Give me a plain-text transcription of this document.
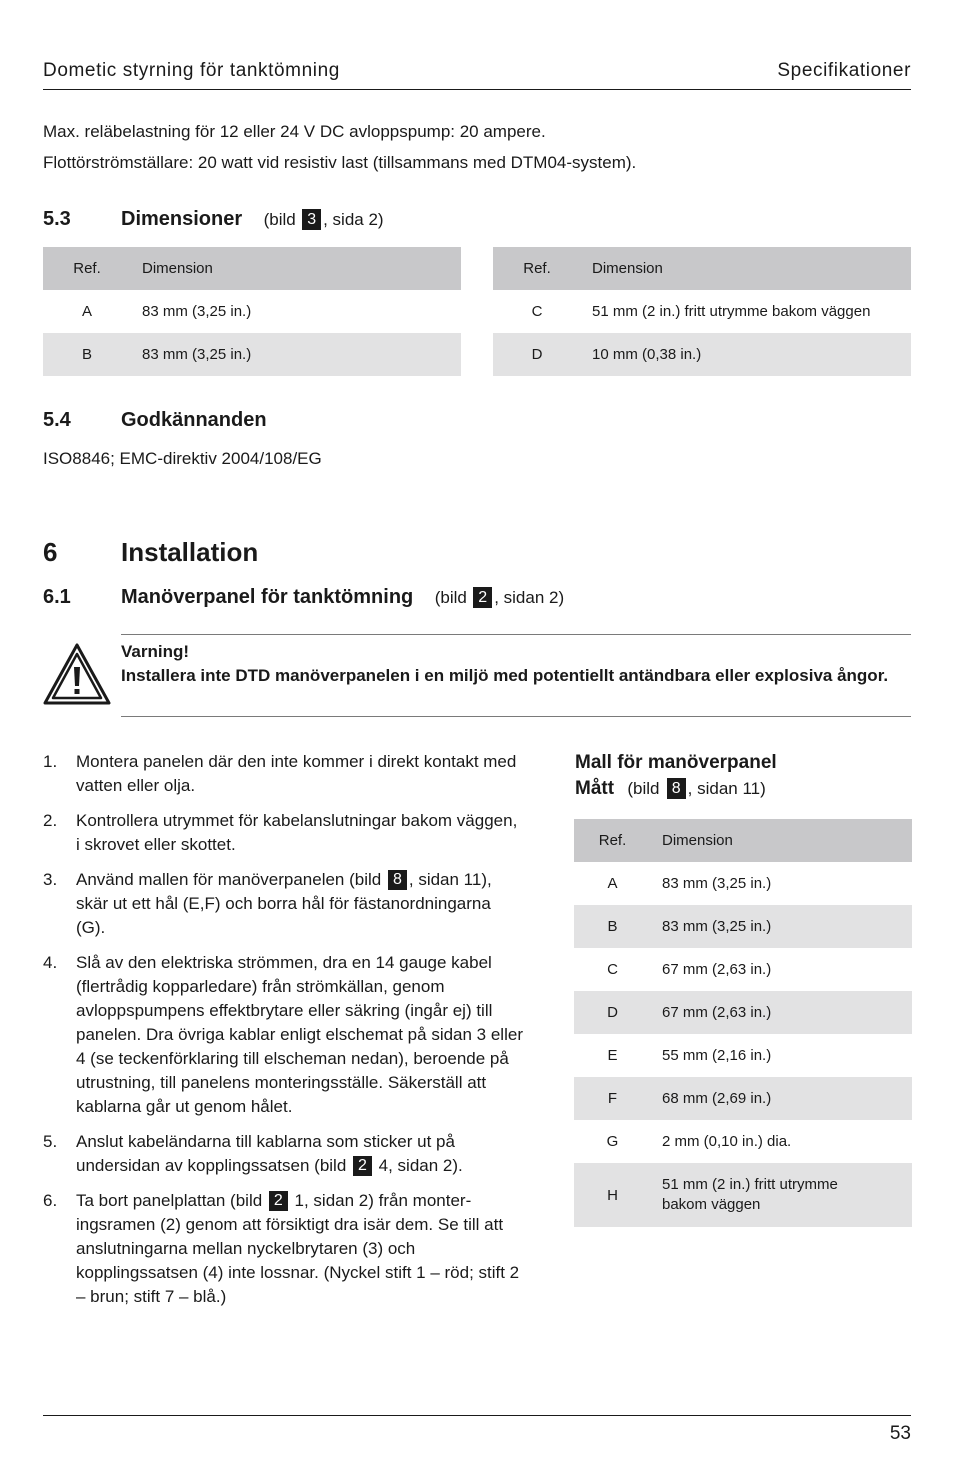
Dometic styrning för tanktömning	Specifikationer
Max. reläbelastning för 12 eller 24 V DC avloppspump: 20 ampere.
Flottörströmställare: 20 watt vid resistiv last (tillsammans med DTM04-system).
5.3	Dimensioner (bild 3 , sida 2)
Ref.	Dimension
A	83 mm (3,25 in.)
B	83 mm (3,25 in.)
Ref.	Dimension
C	51 mm (2 in.) fritt utrymme bakom väggen
D	10 mm (0,38 in.)
5.4	Godkännanden
ISO8846; EMC-direktiv 2004/108/EG
6 Installation
6.1	Manöverpanel för tanktömning (bild 2 , sidan 2)
Varning!
Installera inte DTD manöverpanelen i en miljö med potentiellt antändbara eller explosiva ångor.
1. Montera panelen där den inte kommer i direkt kontakt med vatten eller olja.
2. Kontrollera utrymmet för kabelanslutningar bakom väggen, i skrovet eller skottet.
3. Använd mallen för manöverpanelen (bild 8 , sidan 11), skär ut ett hål (E,F) och borra hål för fästanordningarna (G).
4. Slå av den elektriska strömmen, dra en 14 gauge kabel (flertrådig kopparledare) från strömkällan, genom avloppspumpens effektbrytare eller säkring (ingår ej) till panelen. Dra övriga kablar enligt elschemat på sidan 3 eller 4 (se teckenförklaring till elscheman nedan), beroende på utrustning, till panelens monteringsställe. Säkerställ att kablarna går ut genom hålet.
5. Anslut kabeländarna till kablarna som sticker ut på undersidan av kopplingssatsen (bild 2 4, sidan 2).
6. Ta bort panelplattan (bild 2 1, sidan 2) från monteringsramen (2) genom att försiktigt dra isär dem. Se till att anslutningarna mellan nyckelbrytaren (3) och kopplingssatsen (4) inte lossnar. (Nyckel stift 1 – röd; stift 2 – brun; stift 7 – blå.)
Mall för manöverpanel
Mått (bild 8 , sidan 11)
Ref.	Dimension
A	83 mm (3,25 in.)
B	83 mm (3,25 in.)
C	67 mm (2,63 in.)
D	67 mm (2,63 in.)
E	55 mm (2,16 in.)
F	68 mm (2,69 in.)
G	2 mm (0,10 in.) dia.
H	51 mm (2 in.) fritt utrymme bakom väggen
53
